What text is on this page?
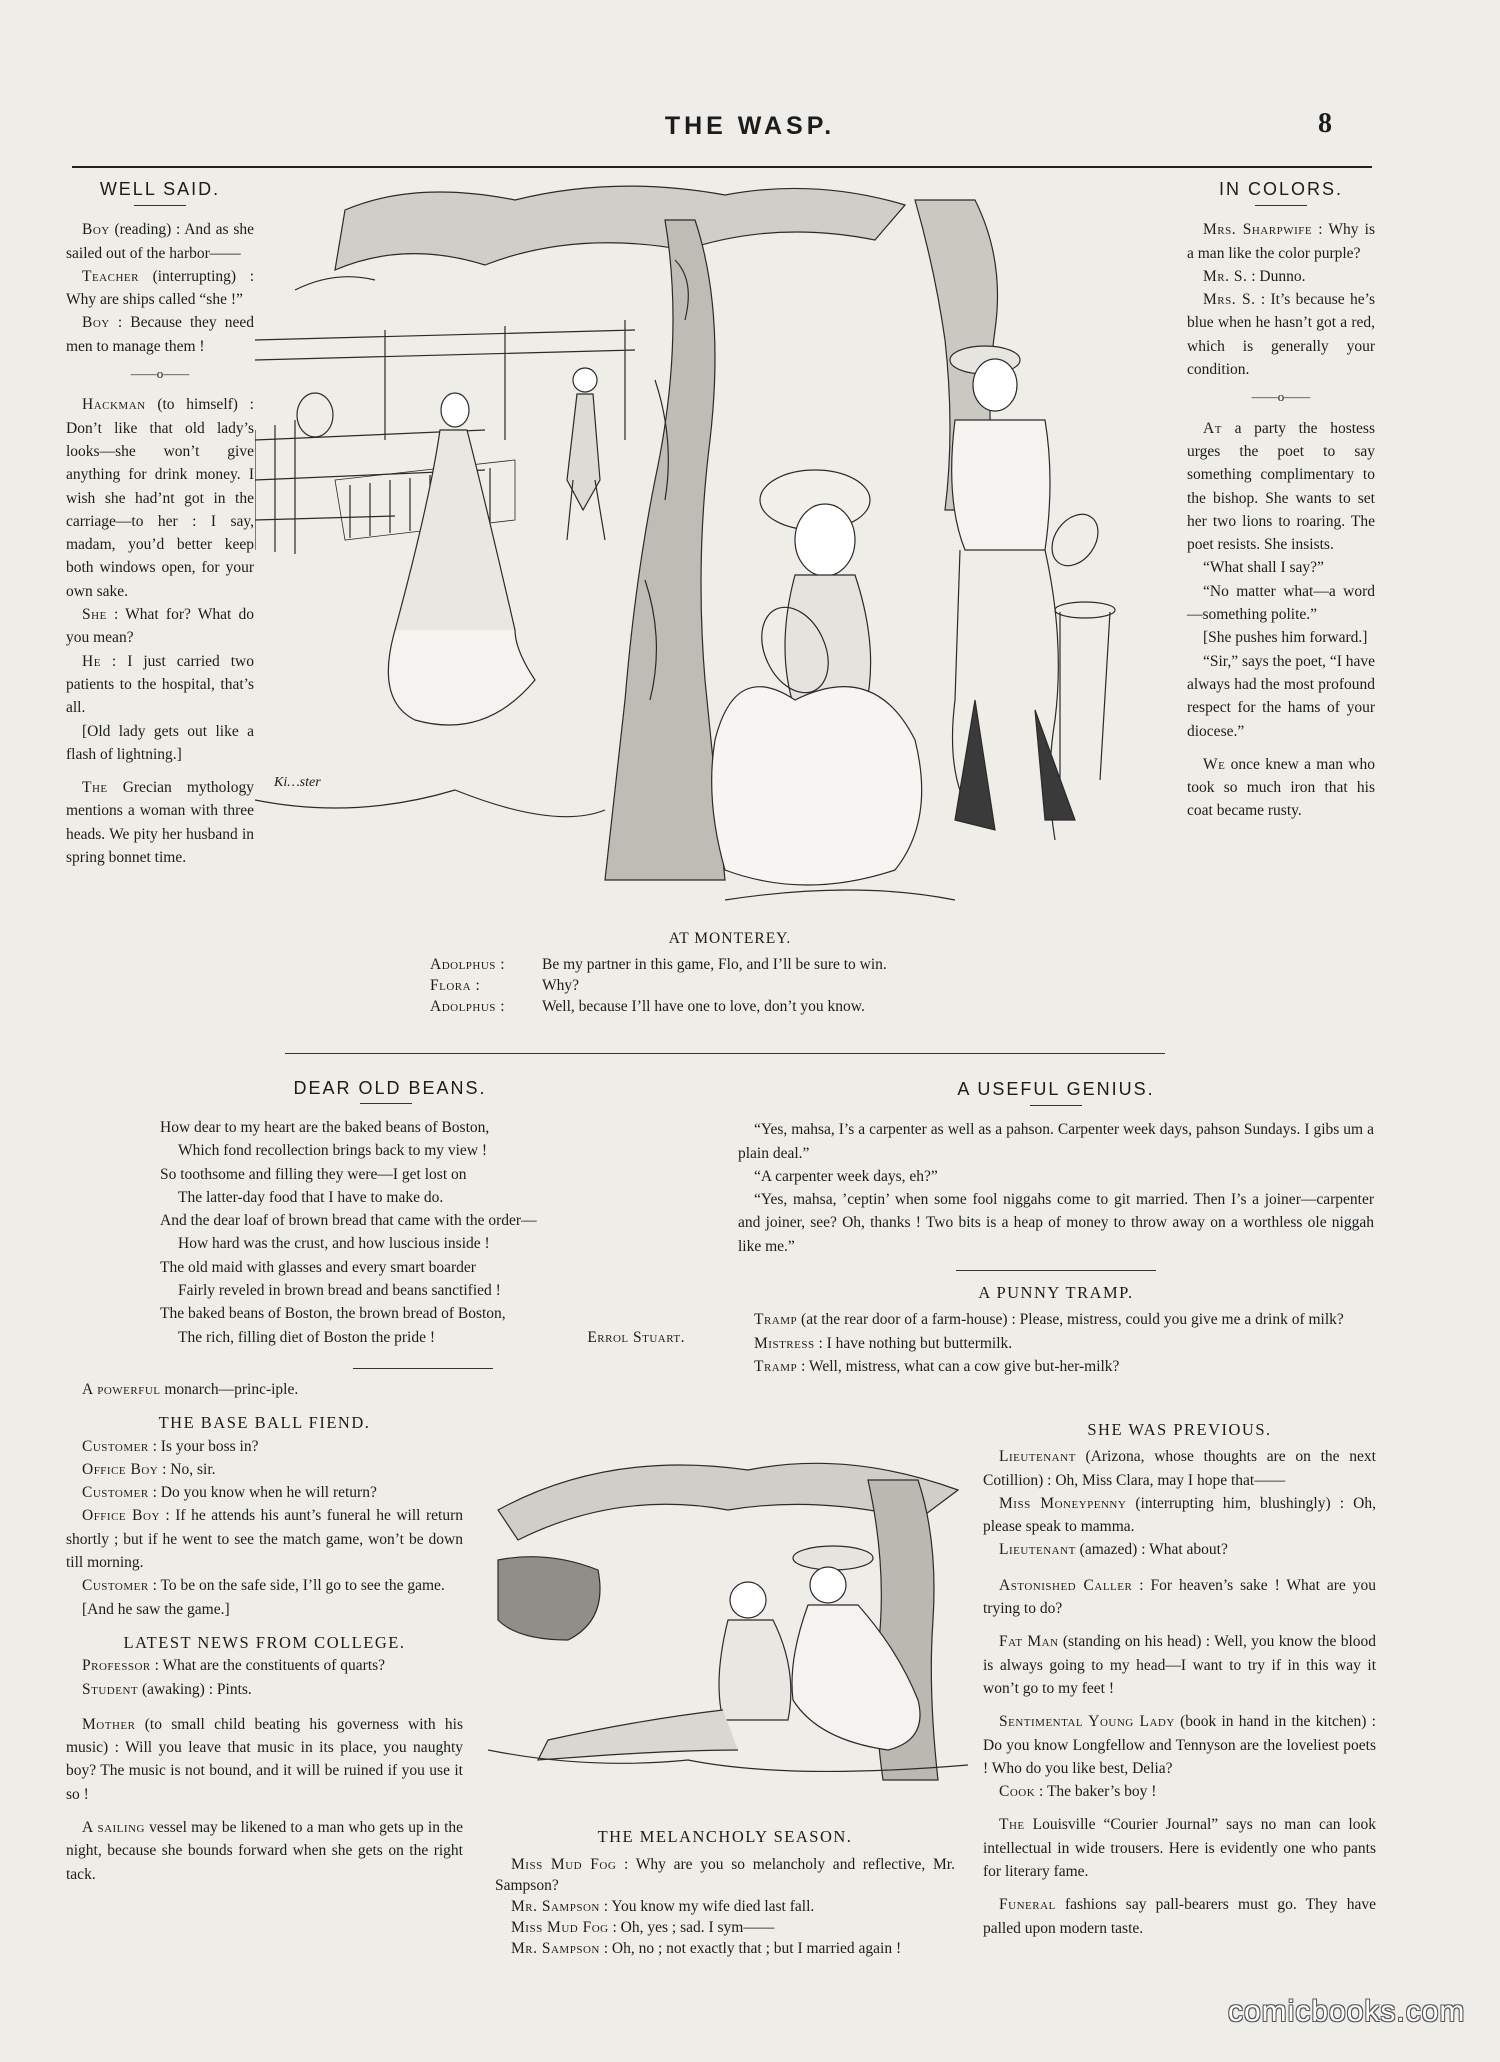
THE WASP.	8
WELL SAID.

Boy (reading) : And as she sailed out of the harbor——

Teacher (interrupting) : Why are ships called “she !”

Boy : Because they need men to manage them !

——o——

Hackman (to himself) : Don’t like that old lady’s looks—she won’t give anything for drink money. I wish she had’nt got in the carriage—to her : I say, madam, you’d better keep both windows open, for your own sake.

She : What for? What do you mean?

He : I just carried two patients to the hospital, that’s all.

[Old lady gets out like a flash of lightning.]

The Grecian mythology mentions a woman with three heads. We pity her husband in spring bonnet time.

Ki…ster
AT MONTEREY.
Adolphus : Be my partner in this game, Flo, and I’ll be sure to win.
Flora :	Why?
Adolphus : Well, because I’ll have one to love, don’t you know.
IN COLORS.

Mrs. Sharpwife : Why is a man like the color purple?

Mr. S. : Dunno.

Mrs. S. : It’s because he’s blue when he hasn’t got a red, which is generally your condition.

——o——

At a party the hostess urges the poet to say something complimentary to the bishop. She wants to set her two lions to roaring. The poet resists. She insists.

“What shall I say?”

“No matter what—a word—something polite.”

[She pushes him forward.]

“Sir,” says the poet, “I have always had the most profound respect for the hams of your diocese.”

We once knew a man who took so much iron that his coat became rusty.

DEAR OLD BEANS.
How dear to my heart are the baked beans of Boston,
Which fond recollection brings back to my view !
So toothsome and filling they were—I get lost on
The latter-day food that I have to make do.
And the dear loaf of brown bread that came with the order—
How hard was the crust, and how luscious inside !
The old maid with glasses and every smart boarder
Fairly reveled in brown bread and beans sanctified !
The baked beans of Boston, the brown bread of Boston,
The rich, filling diet of Boston the pride !	Errol Stuart.

A powerful monarch—princ-iple.

THE BASE BALL FIEND.

Customer : Is your boss in?

Office Boy : No, sir.

Customer : Do you know when he will return?

Office Boy : If he attends his aunt’s funeral he will return shortly ; but if he went to see the match game, won’t be down till morning.

Customer : To be on the safe side, I’ll go to see the game.

[And he saw the game.]

LATEST NEWS FROM COLLEGE.

Professor : What are the constituents of quarts?

Student (awaking) : Pints.

Mother (to small child beating his governess with his music) : Will you leave that music in its place, you naughty boy? The music is not bound, and it will be ruined if you use it so !

A sailing vessel may be likened to a man who gets up in the night, because she bounds forward when she gets on the right tack.

A USEFUL GENIUS.

“Yes, mahsa, I’s a carpenter as well as a pahson. Carpenter week days, pahson Sundays. I gibs um a plain deal.”

“A carpenter week days, eh?”

“Yes, mahsa, ’ceptin’ when some fool niggahs come to git married. Then I’s a joiner—carpenter and joiner, see? Oh, thanks ! Two bits is a heap of money to throw away on a worthless ole niggah like me.”

A PUNNY TRAMP.

Tramp (at the rear door of a farm-house) : Please, mistress, could you give me a drink of milk?

Mistress : I have nothing but buttermilk.

Tramp : Well, mistress, what can a cow give but-her-milk?

THE MELANCHOLY SEASON.

Miss Mud Fog : Why are you so melancholy and reflective, Mr. Sampson?

Mr. Sampson : You know my wife died last fall.

Miss Mud Fog : Oh, yes ; sad. I sym——

Mr. Sampson : Oh, no ; not exactly that ; but I married again !

SHE WAS PREVIOUS.

Lieutenant (Arizona, whose thoughts are on the next Cotillion) : Oh, Miss Clara, may I hope that——

Miss Moneypenny (interrupting him, blushingly) : Oh, please speak to mamma.

Lieutenant (amazed) : What about?

Astonished Caller : For heaven’s sake ! What are you trying to do?

Fat Man (standing on his head) : Well, you know the blood is always going to my head—I want to try if in this way it won’t go to my feet !

Sentimental Young Lady (book in hand in the kitchen) : Do you know Longfellow and Tennyson are the loveliest poets ! Who do you like best, Delia?

Cook : The baker’s boy !

The Louisville “Courier Journal” says no man can look intellectual in wide trousers. Here is evidently one who pants for literary fame.

Funeral fashions say pall-bearers must go. They have palled upon modern taste.

comicbooks.com
